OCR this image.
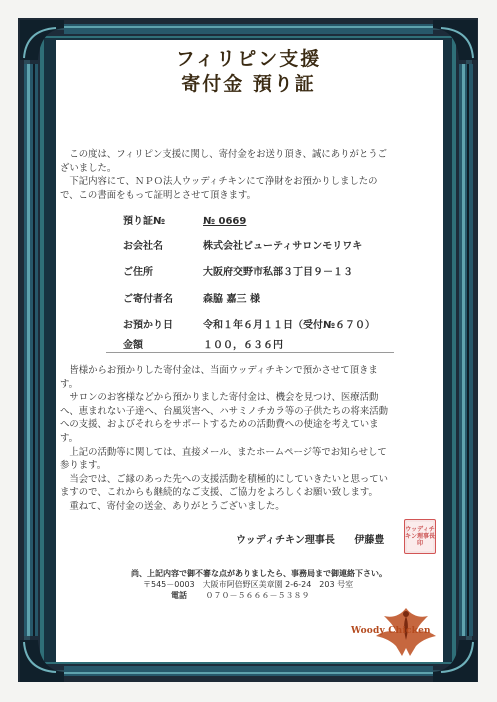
フィリピン支援
寄付金 預り証

この度は、フィリピン支援に関し、寄付金をお送り頂き、誠にありがとうございました。

下記内容にて、ＮＰＯ法人ウッディチキンにて浄財をお預かりしましたので、この書面をもって証明とさせて頂きます。

預り証№	№ 0669
お会社名	株式会社ビューティサロンモリワキ
ご住所	大阪府交野市私部３丁目９－１３
ご寄付者名	森脇 嘉三 様
お預かり日	令和１年６月１１日（受付№６７０）
金額	１００，６３６円

皆様からお預かりした寄付金は、当面ウッディチキンで預かさせて頂きます。

サロンのお客様などから預かりました寄付金は、機会を見つけ、医療活動へ、恵まれない子達へ、台風災害へ、ハサミノチカラ等の子供たちの将来活動への支援、およびそれらをサポートするための活動費への使途を考えています。

上記の活動等に関しては、直接メール、またホームページ等でお知らせして参ります。

当会では、ご縁のあった先への支援活動を積極的にしていきたいと思っていますので、これからも継続的なご支援、ご協力をよろしくお願い致します。

重ねて、寄付金の送金、ありがとうございました。

ウッディチキン理事長 伊藤豊
ウッディチキン理事長印
尚、上記内容で御不審な点がありましたら、事務局まで御連絡下さい。
〒545－0003　大阪市阿倍野区美章園 2-6-24　203 号室
電話 ０７０－５６６６－５３８９
Woody Chicken
